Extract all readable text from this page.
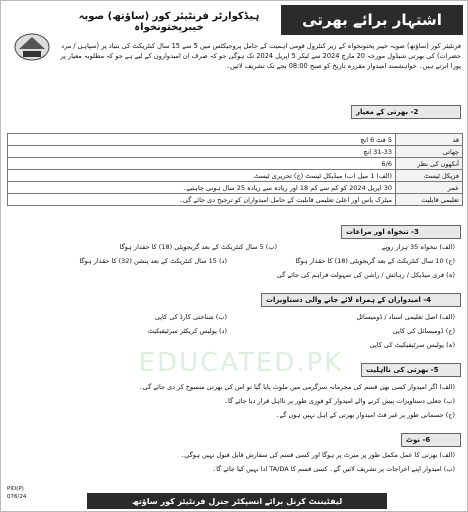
اشتہار برائے بھرتی
ہیڈکوارٹر فرنٹیئر کور (ساؤتھ) صوبہ خیبرپختونخواہ
فرنٹیئر کور (ساؤتھ) صوبہ خیبر پختونخواہ کے زیر کنٹرول قومی اہمیت کے حامل پروجیکٹس میں 5 سے 15 سال کنٹریکٹ کی بنیاد پر (سپاہی / مرد حضرات) کی بھرتی شیڈول مورخہ 20 مارچ 2024 سے لیکر 5 اپریل 2024 تک ہوگی جو کہ صرف ان امیدواروں کے لیے ہے جو کہ مطلوبہ معیار پر پورا اترتے ہیں۔ خواہشمند امیدوار مقررہ تاریخ کو صبح 08:00 بجے تک تشریف لائیں۔
2- بھرتی کے معیار
قد	5 فٹ 6 انچ
چھاتی	31-33 انچ
آنکھوں کی نظر	6/6
فزیکل ٹیسٹ	(الف) 1 میل (ب) میڈیکل ٹیسٹ (ج) تحریری ٹیسٹ
عمر	30 اپریل 2024 کو کم سے کم 18 اور زیادہ سے زیادہ 25 سال ہونی چاہئیے۔
تعلیمی قابلیت	میٹرک پاس اور اعلیٰ تعلیمی قابلیت کے حامل امیدواران کو ترجیح دی جائے گی۔
3- تنخواہ اور مراعات
(الف) تنخواہ 35 ہزار روپے
(ب) 5 سال کنٹریکٹ کے بعد گریجویٹی (18) کا حقدار ہوگا
(ج) 10 سال کنٹریکٹ کے بعد گریجویٹی (18) کا حقدار ہوگا
(د) 15 سال کنٹریکٹ کے بعد پنشن (32) کا حقدار ہوگا
(ہ) فری میڈیکل / رہائش / راشن کی سہولت فراہم کی جائے گی
4- امیدواران کے ہمراہ لائے جانے والی دستاویزات
(الف) اصل تعلیمی اسناد / ڈومیسائل
(ب) شناختی کارڈ کی کاپی
(ج) ڈومیسائل کی کاپی
(د) پولیس کریکٹر سرٹیفیکیٹ
(ہ) پولیس سرٹیفیکیٹ کی کاپی
5- بھرتی کی نااہلیت
(الف) اگر امیدوار کسی بھی قسم کی مجرمانہ سرگرمی میں ملوث پایا گیا تو اس کی بھرتی منسوخ کر دی جائے گی۔
(ب) جعلی دستاویزات پیش کرنے والے امیدوار کو فوری طور پر نااہل قرار دیا جائے گا۔
(ج) جسمانی طور پر غیر فٹ امیدوار بھرتی کے اہل نہیں ہوں گے۔
6- نوٹ
(الف) بھرتی کا عمل مکمل طور پر میرٹ پر ہوگا اور کسی قسم کی سفارش قابل قبول نہیں ہوگی۔
(ب) امیدوار اپنے اخراجات پر تشریف لائیں گے۔ کسی قسم کا TA/DA ادا نہیں کیا جائے گا۔
PID(P)
076/24	لیفٹیننٹ کرنل برائے انسپکٹر جنرل فرنٹیئر کور ساؤتھ
EDUCATED.PK
